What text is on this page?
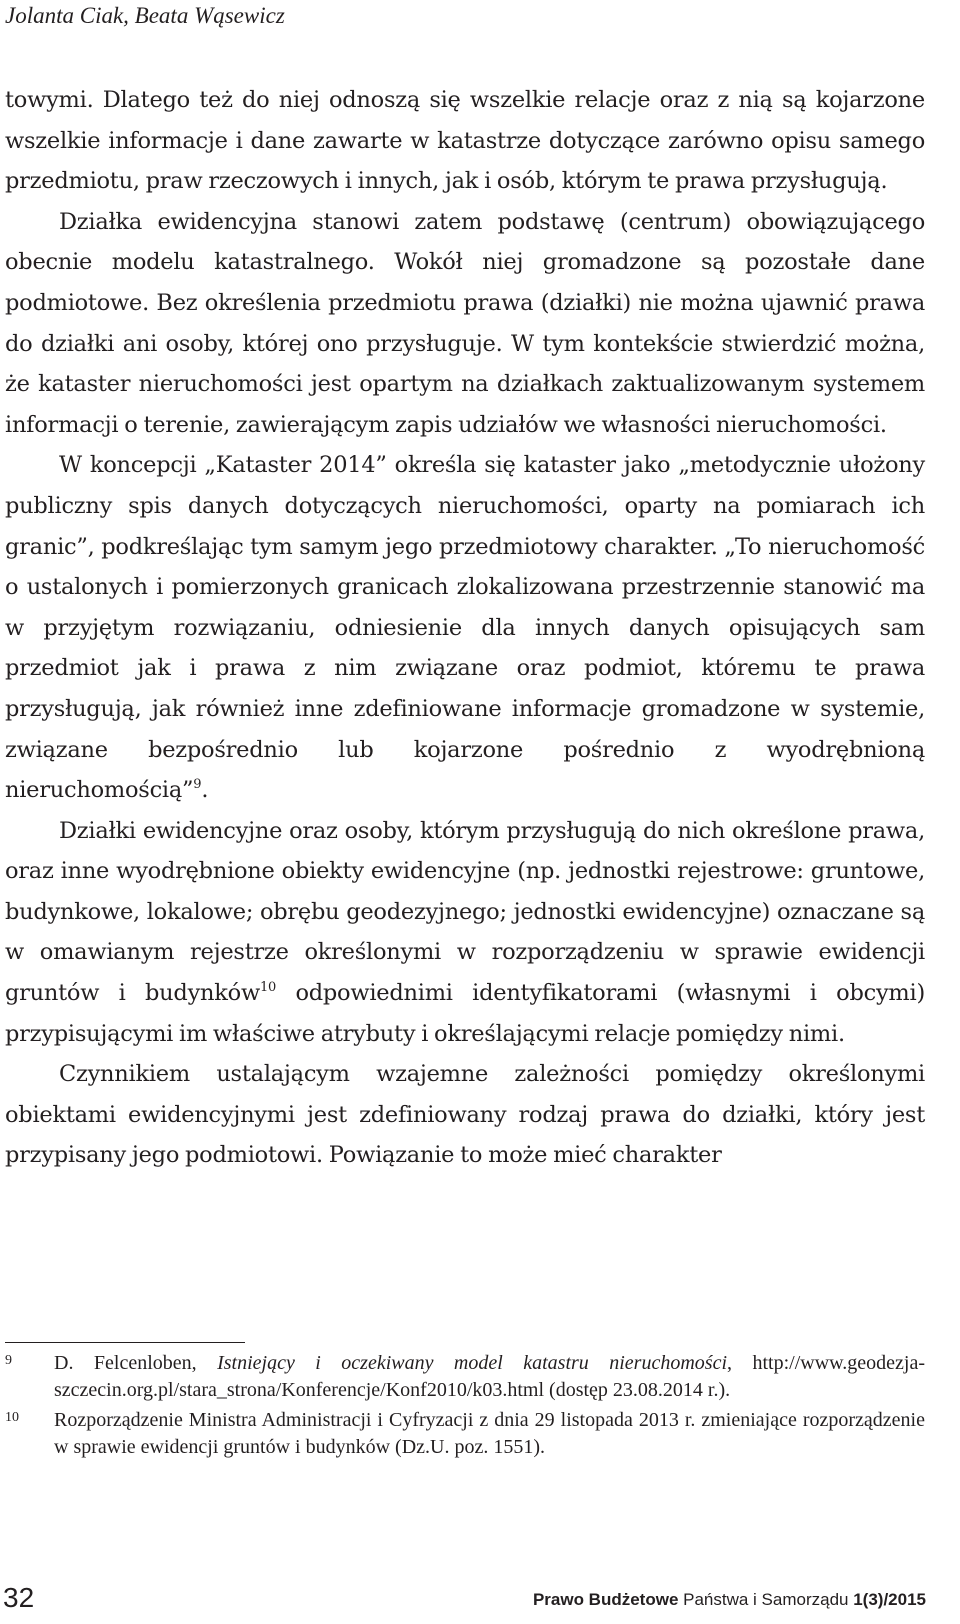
Jolanta Ciak, Beata Wąsewicz

towymi. Dlatego też do niej odnoszą się wszelkie relacje oraz z nią są kojarzone wszelkie informacje i dane zawarte w katastrze dotyczące zarówno opisu samego przedmiotu, praw rzeczowych i innych, jak i osób, którym te prawa przysługują.

Działka ewidencyjna stanowi zatem podstawę (centrum) obowiązującego obecnie modelu katastralnego. Wokół niej gromadzone są pozostałe dane podmiotowe. Bez określenia przedmiotu prawa (działki) nie można ujawnić prawa do działki ani osoby, której ono przysługuje. W tym kontekście stwierdzić można, że kataster nieruchomości jest opartym na działkach zaktualizowanym systemem informacji o terenie, zawierającym zapis udziałów we własności nieruchomości.

W koncepcji „Kataster 2014” określa się kataster jako „metodycznie ułożony publiczny spis danych dotyczących nieruchomości, oparty na pomiarach ich granic”, podkreślając tym samym jego przedmiotowy charakter. „To nieruchomość o ustalonych i pomierzonych granicach zlokalizowana przestrzennie stanowić ma w przyjętym rozwiązaniu, odniesienie dla innych danych opisujących sam przedmiot jak i prawa z nim związane oraz podmiot, któremu te prawa przysługują, jak również inne zdefiniowane informacje gromadzone w systemie, związane bezpośrednio lub kojarzone pośrednio z wyodrębnioną nieruchomością”$^9$.

Działki ewidencyjne oraz osoby, którym przysługują do nich określone prawa, oraz inne wyodrębnione obiekty ewidencyjne (np. jednostki rejestrowe: gruntowe, budynkowe, lokalowe; obrębu geodezyjnego; jednostki ewidencyjne) oznaczane są w omawianym rejestrze określonymi w rozporządzeniu w sprawie ewidencji gruntów i budynków$^{10}$ odpowiednimi identyfikatorami (własnymi i obcymi) przypisującymi im właściwe atrybuty i określającymi relacje pomiędzy nimi.

Czynnikiem ustalającym wzajemne zależności pomiędzy określonymi obiektami ewidencyjnymi jest zdefiniowany rodzaj prawa do działki, który jest przypisany jego podmiotowi. Powiązanie to może mieć charakter

9 D. Felcenloben, Istniejący i oczekiwany model katastru nieruchomości, http://www.geodezja-szczecin.org.pl/stara_strona/Konferencje/Konf2010/k03.html (dostęp 23.08.2014 r.).
10 Rozporządzenie Ministra Administracji i Cyfryzacji z dnia 29 listopada 2013 r. zmieniające rozporządzenie w sprawie ewidencji gruntów i budynków (Dz.U. poz. 1551).
32	Prawo Budżetowe Państwa i Samorządu 1(3)/2015
